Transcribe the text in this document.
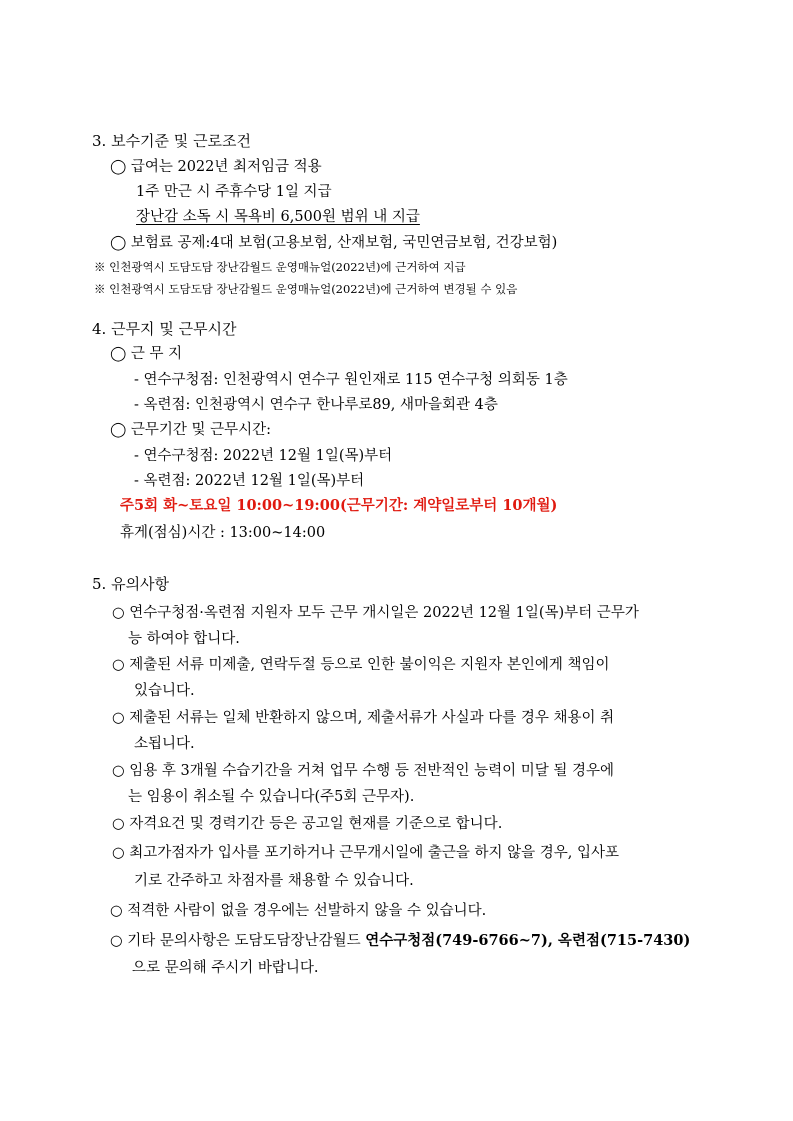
3. 보수기준 및 근로조건
◯ 급여는 2022년 최저임금 적용
1주 만근 시 주휴수당 1일 지급
장난감 소독 시 목욕비 6,500원 범위 내 지급
◯ 보험료 공제:4대 보험(고용보험, 산재보험, 국민연금보험, 건강보험)
※ 인천광역시 도담도담 장난감월드 운영매뉴얼(2022년)에 근거하여 지급
※ 인천광역시 도담도담 장난감월드 운영매뉴얼(2022년)에 근거하여 변경될 수 있음
4. 근무지 및 근무시간
◯ 근 무 지
- 연수구청점: 인천광역시 연수구 원인재로 115 연수구청 의회동 1층
- 옥련점: 인천광역시 연수구 한나루로89, 새마을회관 4층
◯ 근무기간 및 근무시간:
- 연수구청점: 2022년 12월 1일(목)부터
- 옥련점: 2022년 12월 1일(목)부터
주5회 화~토요일 10:00~19:00(근무기간: 계약일로부터 10개월)
휴게(점심)시간 : 13:00~14:00
5. 유의사항
○ 연수구청점·옥련점 지원자 모두 근무 개시일은 2022년 12월 1일(목)부터 근무가
능 하여야 합니다.
○ 제출된 서류 미제출, 연락두절 등으로 인한 불이익은 지원자 본인에게 책임이
있습니다.
○ 제출된 서류는 일체 반환하지 않으며, 제출서류가 사실과 다를 경우 채용이 취
소됩니다.
○ 임용 후 3개월 수습기간을 거쳐 업무 수행 등 전반적인 능력이 미달 될 경우에
는 임용이 취소될 수 있습니다(주5회 근무자).
○ 자격요건 및 경력기간 등은 공고일 현재를 기준으로 합니다.
○ 최고가점자가 입사를 포기하거나 근무개시일에 출근을 하지 않을 경우, 입사포
기로 간주하고 차점자를 채용할 수 있습니다.
○ 적격한 사람이 없을 경우에는 선발하지 않을 수 있습니다.
○ 기타 문의사항은 도담도담장난감월드 연수구청점(749-6766~7), 옥련점(715-7430)
으로 문의해 주시기 바랍니다.
